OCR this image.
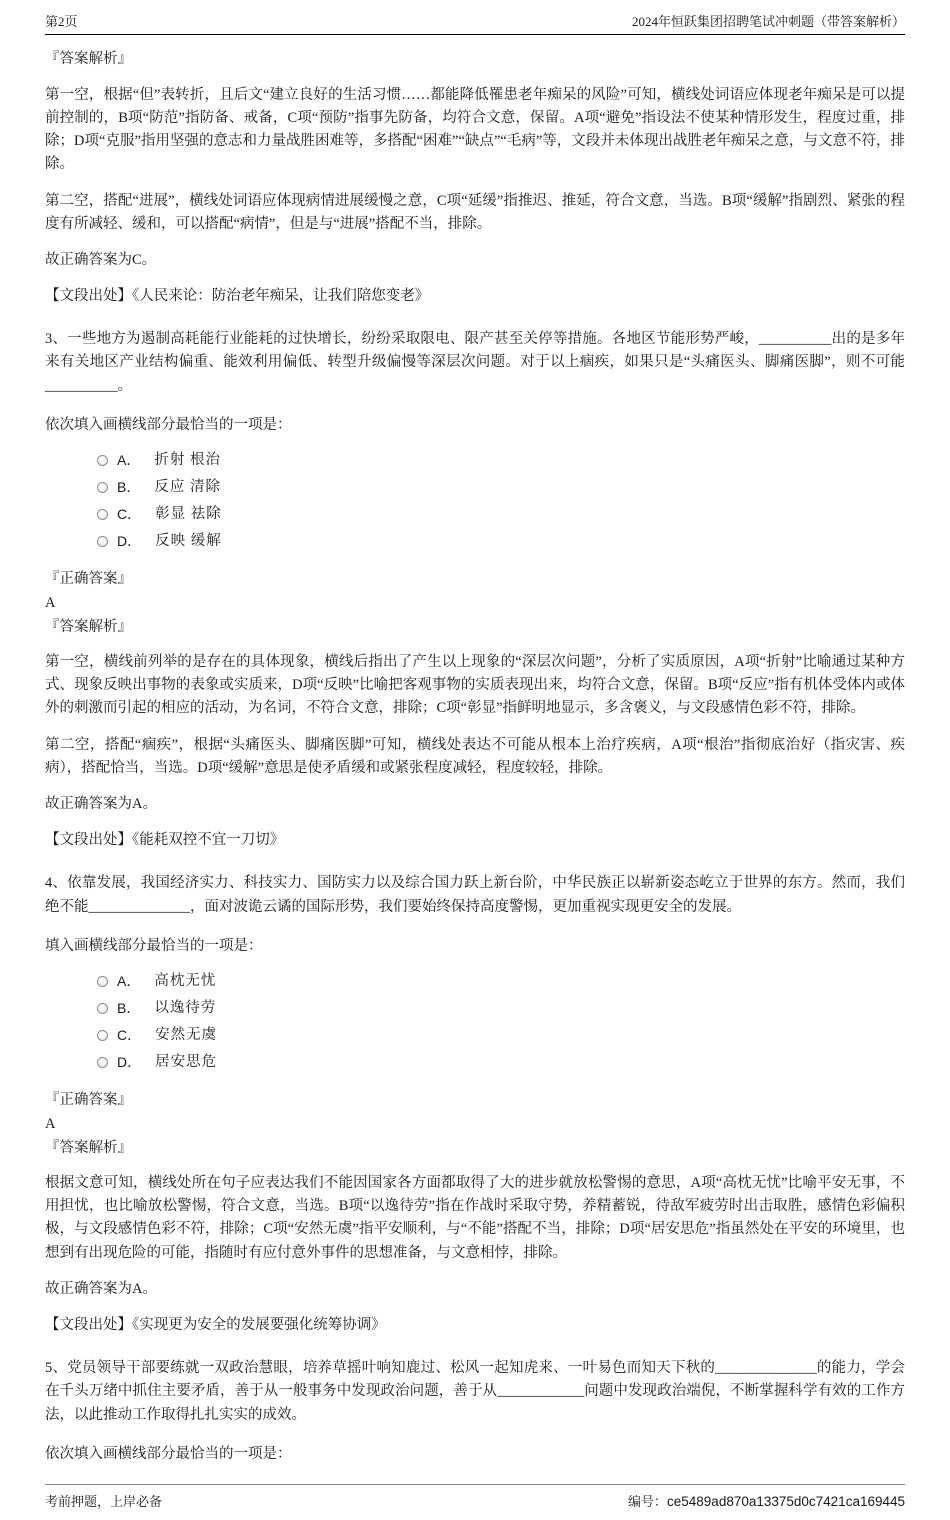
第2页	2024年恒跃集团招聘笔试冲刺题（带答案解析）
『答案解析』
第一空，根据“但”表转折，且后文“建立良好的生活习惯……都能降低罹患老年痴呆的风险”可知，横线处词语应体现老年痴呆是可以提前控制的，B项“防范”指防备、戒备，C项“预防”指事先防备，均符合文意，保留。A项“避免”指设法不使某种情形发生，程度过重，排除；D项“克服”指用坚强的意志和力量战胜困难等，多搭配“困难”“缺点”“毛病”等，文段并未体现出战胜老年痴呆之意，与文意不符，排除。
第二空，搭配“进展”，横线处词语应体现病情进展缓慢之意，C项“延缓”指推迟、推延，符合文意，当选。B项“缓解”指剧烈、紧张的程度有所减轻、缓和，可以搭配“病情”，但是与“进展”搭配不当，排除。
故正确答案为C。
【文段出处】《人民来论：防治老年痴呆，让我们陪您变老》
3、一些地方为遏制高耗能行业能耗的过快增长，纷纷采取限电、限产甚至关停等措施。各地区节能形势严峻，__________出的是多年来有关地区产业结构偏重、能效利用偏低、转型升级偏慢等深层次问题。对于以上痼疾，如果只是“头痛医头、脚痛医脚”，则不可能__________。
依次填入画横线部分最恰当的一项是：
A． 折射 根治
B． 反应 清除
C． 彰显 祛除
D． 反映 缓解
『正确答案』
A
『答案解析』
第一空，横线前列举的是存在的具体现象，横线后指出了产生以上现象的“深层次问题”，分析了实质原因，A项“折射”比喻通过某种方式、现象反映出事物的表象或实质来，D项“反映”比喻把客观事物的实质表现出来，均符合文意，保留。B项“反应”指有机体受体内或体外的刺激而引起的相应的活动，为名词，不符合文意，排除；C项“彰显”指鲜明地显示，多含褒义，与文段感情色彩不符，排除。
第二空，搭配“痼疾”，根据“头痛医头、脚痛医脚”可知，横线处表达不可能从根本上治疗疾病，A项“根治”指彻底治好（指灾害、疾病），搭配恰当，当选。D项“缓解”意思是使矛盾缓和或紧张程度减轻，程度较轻，排除。
故正确答案为A。
【文段出处】《能耗双控不宜一刀切》
4、依靠发展，我国经济实力、科技实力、国防实力以及综合国力跃上新台阶，中华民族正以崭新姿态屹立于世界的东方。然而，我们绝不能______________，面对波诡云谲的国际形势，我们要始终保持高度警惕，更加重视实现更安全的发展。
填入画横线部分最恰当的一项是：
A． 高枕无忧
B． 以逸待劳
C． 安然无虞
D． 居安思危
『正确答案』
A
『答案解析』
根据文意可知，横线处所在句子应表达我们不能因国家各方面都取得了大的进步就放松警惕的意思，A项“高枕无忧”比喻平安无事，不用担忧，也比喻放松警惕，符合文意，当选。B项“以逸待劳”指在作战时采取守势，养精蓄锐，待敌军疲劳时出击取胜，感情色彩偏积极，与文段感情色彩不符，排除；C项“安然无虞”指平安顺利，与“不能”搭配不当，排除；D项“居安思危”指虽然处在平安的环境里，也想到有出现危险的可能，指随时有应付意外事件的思想准备，与文意相悖，排除。
故正确答案为A。
【文段出处】《实现更为安全的发展要强化统筹协调》
5、党员领导干部要练就一双政治慧眼，培养草摇叶响知鹿过、松风一起知虎来、一叶易色而知天下秋的______________的能力，学会在千头万绪中抓住主要矛盾，善于从一般事务中发现政治问题，善于从____________问题中发现政治端倪，不断掌握科学有效的工作方法，以此推动工作取得扎扎实实的成效。
依次填入画横线部分最恰当的一项是：
考前押题，上岸必备	编号： ce5489ad870a13375d0c7421ca169445
